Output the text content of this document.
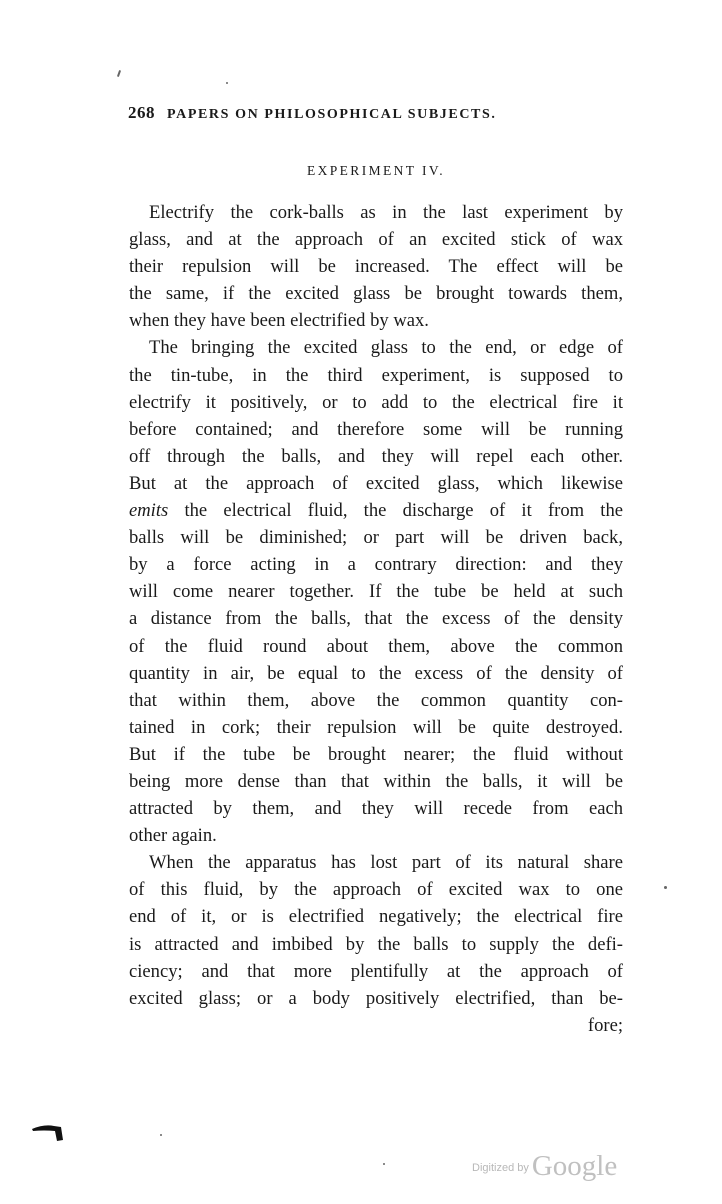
268 PAPERS ON PHILOSOPHICAL SUBJECTS.
EXPERIMENT IV.
Electrify the cork-balls as in the last experiment by
glass, and at the approach of an excited stick of wax
their repulsion will be increased. The effect will be
the same, if the excited glass be brought towards them,
when they have been electrified by wax.
The bringing the excited glass to the end, or edge of
the tin-tube, in the third experiment, is supposed to
electrify it positively, or to add to the electrical fire it
before contained; and therefore some will be running
off through the balls, and they will repel each other.
But at the approach of excited glass, which likewise
emits the electrical fluid, the discharge of it from the
balls will be diminished; or part will be driven back,
by a force acting in a contrary direction: and they
will come nearer together. If the tube be held at such
a distance from the balls, that the excess of the density
of the fluid round about them, above the common
quantity in air, be equal to the excess of the density of
that within them, above the common quantity con-
tained in cork; their repulsion will be quite destroyed.
But if the tube be brought nearer; the fluid without
being more dense than that within the balls, it will be
attracted by them, and they will recede from each
other again.
When the apparatus has lost part of its natural share
of this fluid, by the approach of excited wax to one
end of it, or is electrified negatively; the electrical fire
is attracted and imbibed by the balls to supply the defi-
ciency; and that more plentifully at the approach of
excited glass; or a body positively electrified, than be-
fore;
$^{Digitized by}$ Google
